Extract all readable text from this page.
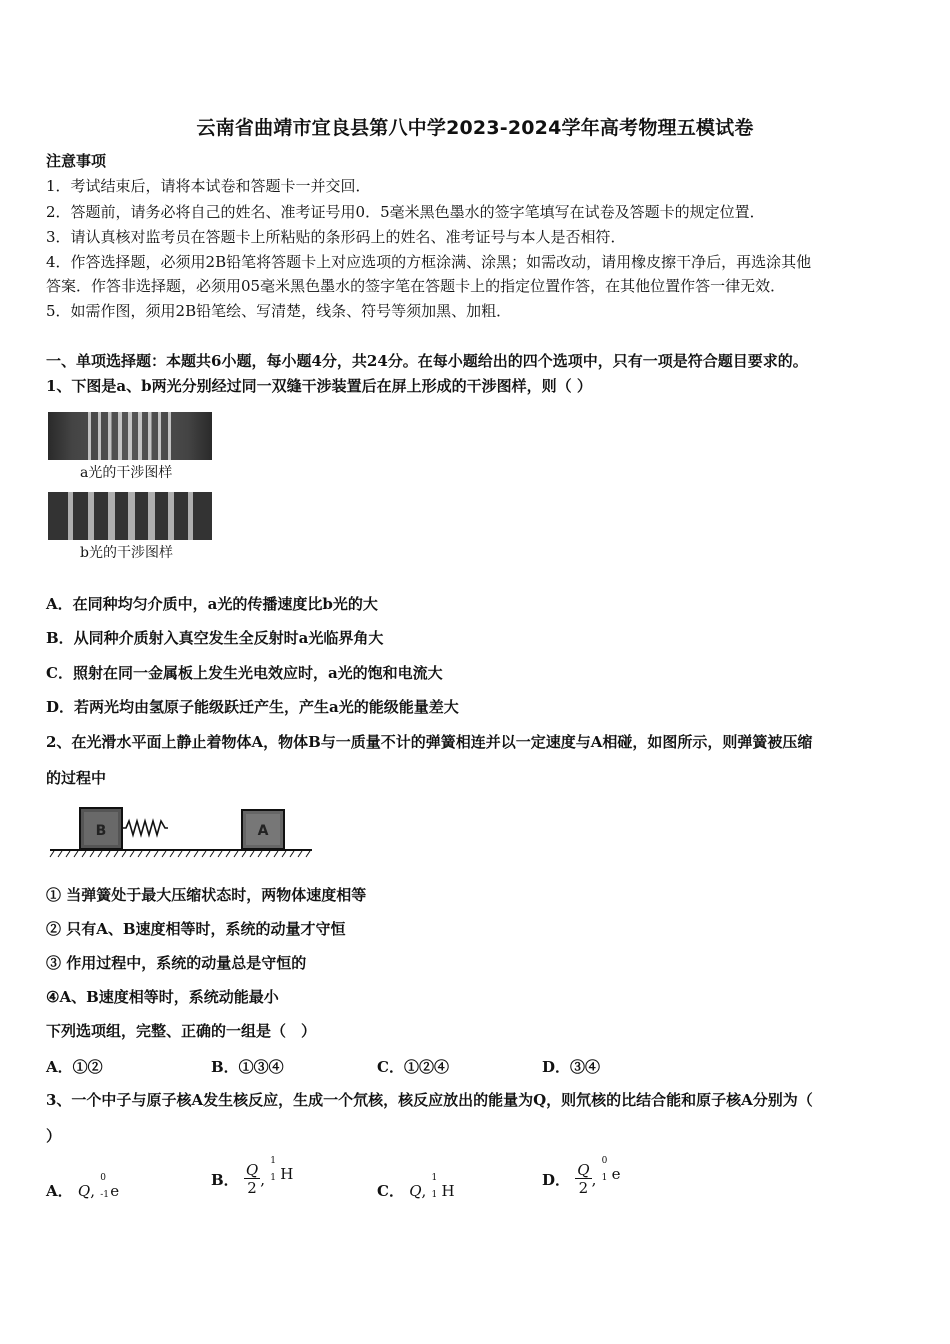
云南省曲靖市宜良县第八中学2023-2024学年高考物理五模试卷
注意事项
1．考试结束后，请将本试卷和答题卡一并交回．
2．答题前，请务必将自己的姓名、准考证号用0．5毫米黑色墨水的签字笔填写在试卷及答题卡的规定位置．
3．请认真核对监考员在答题卡上所粘贴的条形码上的姓名、准考证号与本人是否相符．
4．作答选择题，必须用2B铅笔将答题卡上对应选项的方框涂满、涂黑；如需改动，请用橡皮擦干净后，再选涂其他
答案．作答非选择题，必须用05毫米黑色墨水的签字笔在答题卡上的指定位置作答，在其他位置作答一律无效．
5．如需作图，须用2B铅笔绘、写清楚，线条、符号等须加黑、加粗．
一、单项选择题：本题共6小题，每小题4分，共24分。在每小题给出的四个选项中，只有一项是符合题目要求的。
1、下图是a、b两光分别经过同一双缝干涉装置后在屏上形成的干涉图样，则（ ）
a光的干涉图样
b光的干涉图样
A．在同种均匀介质中，a光的传播速度比b光的大
B．从同种介质射入真空发生全反射时a光临界角大
C．照射在同一金属板上发生光电效应时，a光的饱和电流大
D．若两光均由氢原子能级跃迁产生，产生a光的能级能量差大
2、在光滑水平面上静止着物体A，物体B与一质量不计的弹簧相连并以一定速度与A相碰，如图所示，则弹簧被压缩
的过程中
B	A
① 当弹簧处于最大压缩状态时，两物体速度相等
② 只有A、B速度相等时，系统的动量才守恒
③ 作用过程中，系统的动量总是守恒的
④A、B速度相等时，系统动能最小
下列选项组，完整、正确的一组是（　）
A．①②	B．①③④	C．①②④	D．③④
3、一个中子与原子核A发生核反应，生成一个氘核，核反应放出的能量为Q，则氘核的比结合能和原子核A分别为（
）
A． Q,
0
-1 e
B． $\frac{Q}{2}$ ,
1
1 H
C． Q,
1
1 H
D． $\frac{Q}{2}$ ,
0
1 e
